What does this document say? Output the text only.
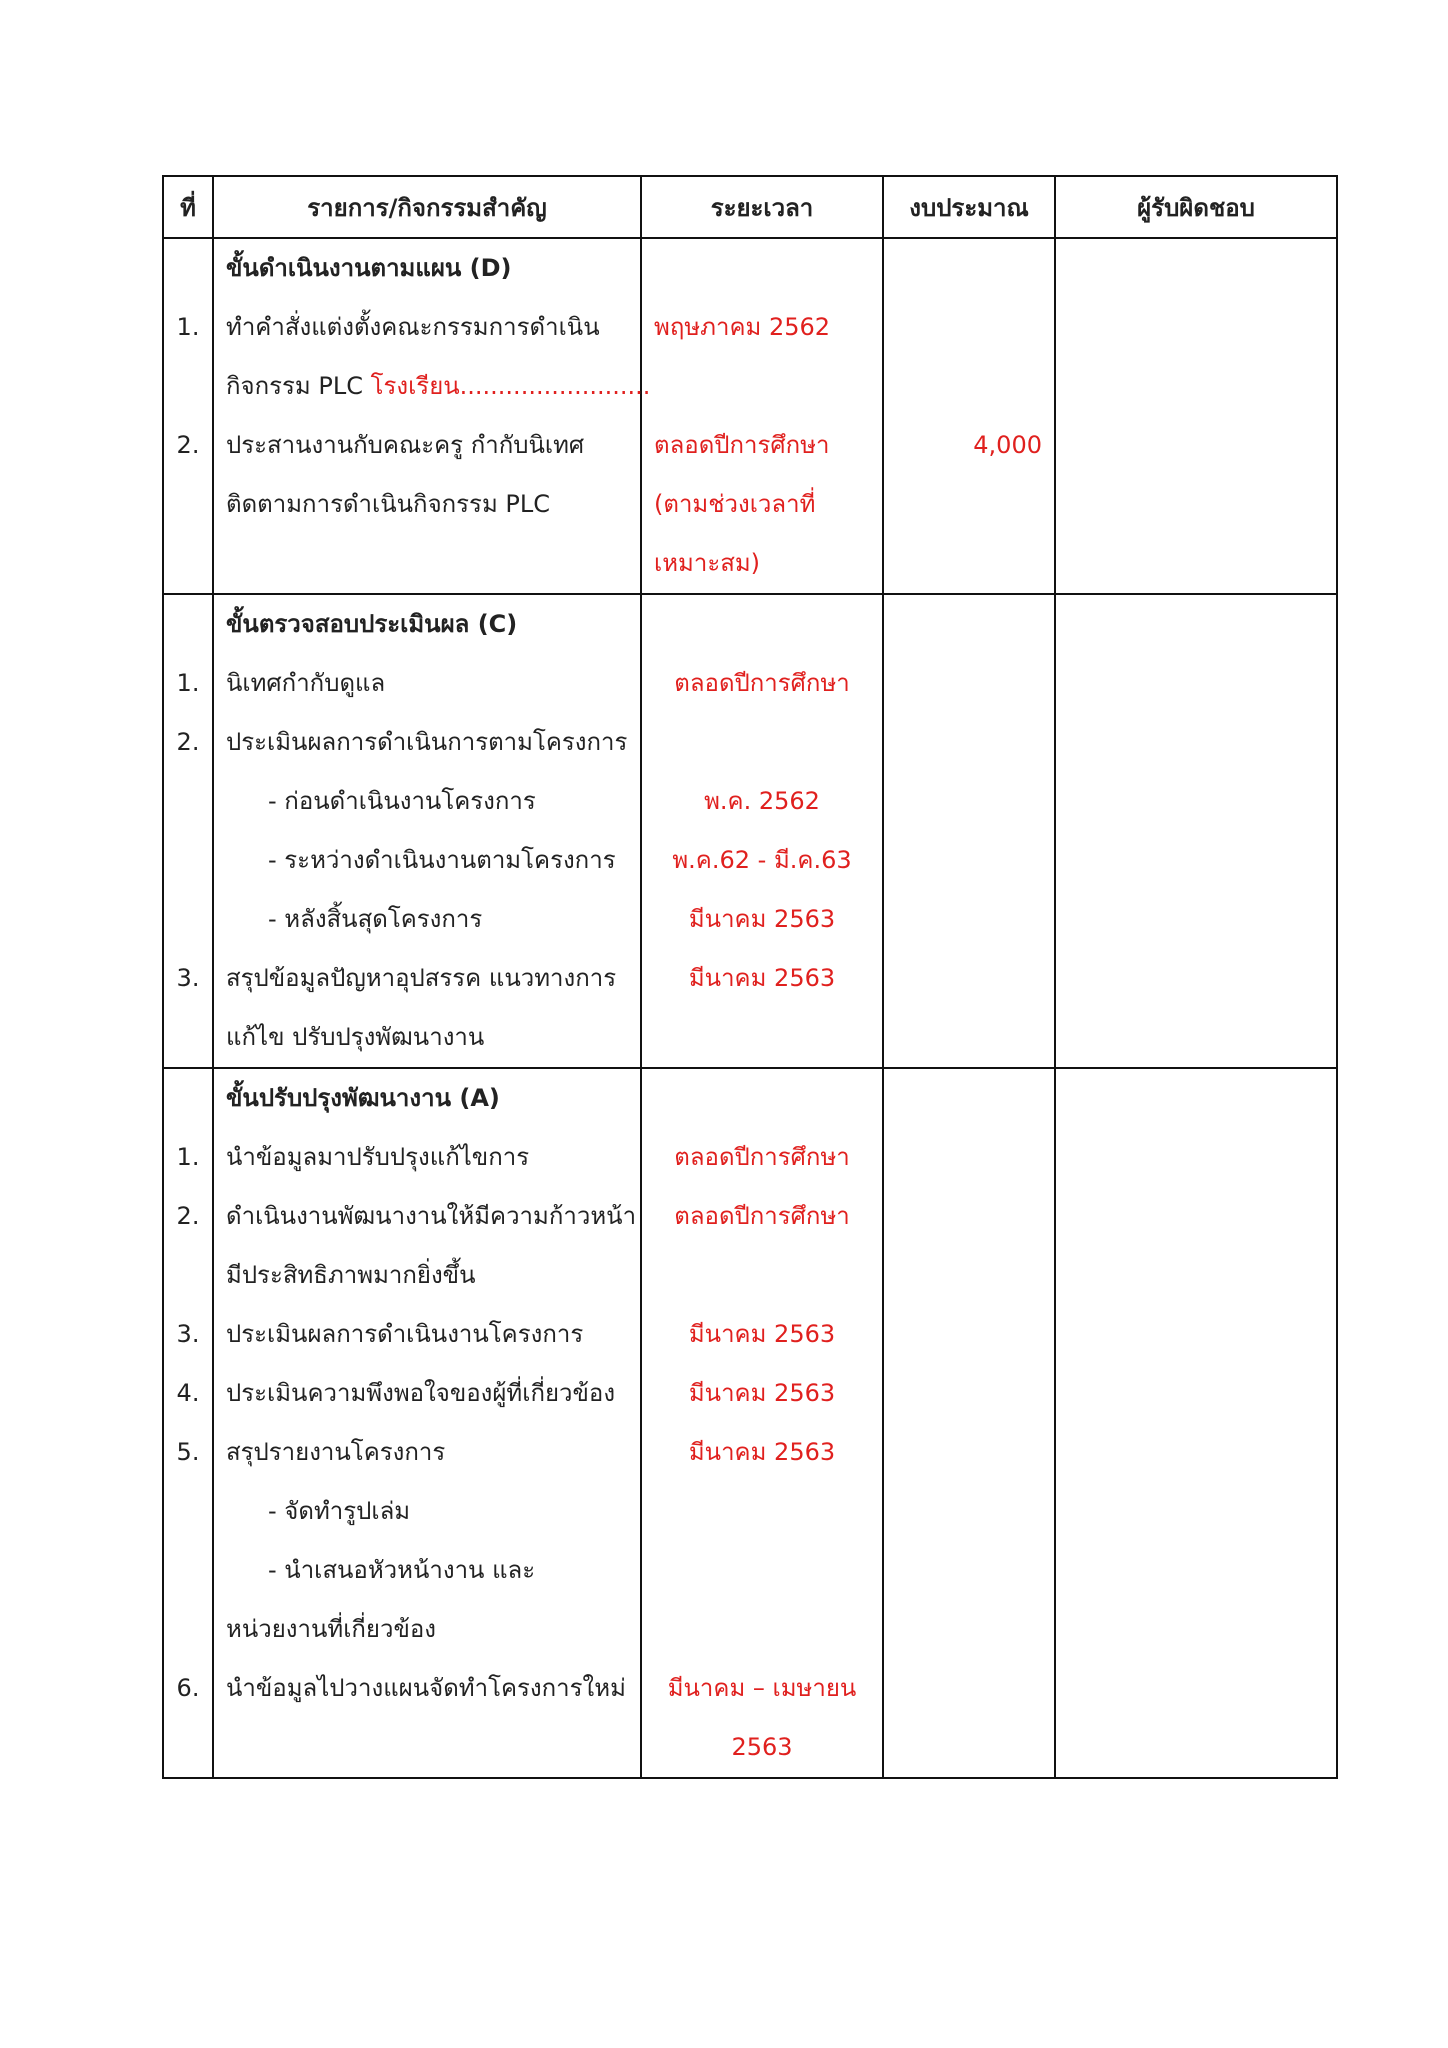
ที่	รายการ/กิจกรรมสำคัญ	ระยะเวลา	งบประมาณ	ผู้รับผิดชอบ
	ขั้นดำเนินงานตามแผน (D)			
1.	ทำคำสั่งแต่งตั้งคณะกรรมการดำเนิน	พฤษภาคม 2562		
	กิจกรรม PLC โรงเรียน.........................			
2.	ประสานงานกับคณะครู กำกับนิเทศ	ตลอดปีการศึกษา	4,000	
	ติดตามการดำเนินกิจกรรม PLC	(ตามช่วงเวลาที่		
		เหมาะสม)		
	ขั้นตรวจสอบประเมินผล (C)			
1.	นิเทศกำกับดูแล	ตลอดปีการศึกษา		
2.	ประเมินผลการดำเนินการตามโครงการ			
	- ก่อนดำเนินงานโครงการ	พ.ค. 2562		
	- ระหว่างดำเนินงานตามโครงการ	พ.ค.62 - มี.ค.63		
	- หลังสิ้นสุดโครงการ	มีนาคม 2563		
3.	สรุปข้อมูลปัญหาอุปสรรค แนวทางการ	มีนาคม 2563		
	แก้ไข ปรับปรุงพัฒนางาน			
	ขั้นปรับปรุงพัฒนางาน (A)			
1.	นำข้อมูลมาปรับปรุงแก้ไขการ	ตลอดปีการศึกษา		
2.	ดำเนินงานพัฒนางานให้มีความก้าวหน้า	ตลอดปีการศึกษา		
	มีประสิทธิภาพมากยิ่งขึ้น			
3.	ประเมินผลการดำเนินงานโครงการ	มีนาคม 2563		
4.	ประเมินความพึงพอใจของผู้ที่เกี่ยวข้อง	มีนาคม 2563		
5.	สรุปรายงานโครงการ	มีนาคม 2563		
	- จัดทำรูปเล่ม			
	- นำเสนอหัวหน้างาน และ			
	หน่วยงานที่เกี่ยวข้อง			
6.	นำข้อมูลไปวางแผนจัดทำโครงการใหม่	มีนาคม – เมษายน		
		2563		
